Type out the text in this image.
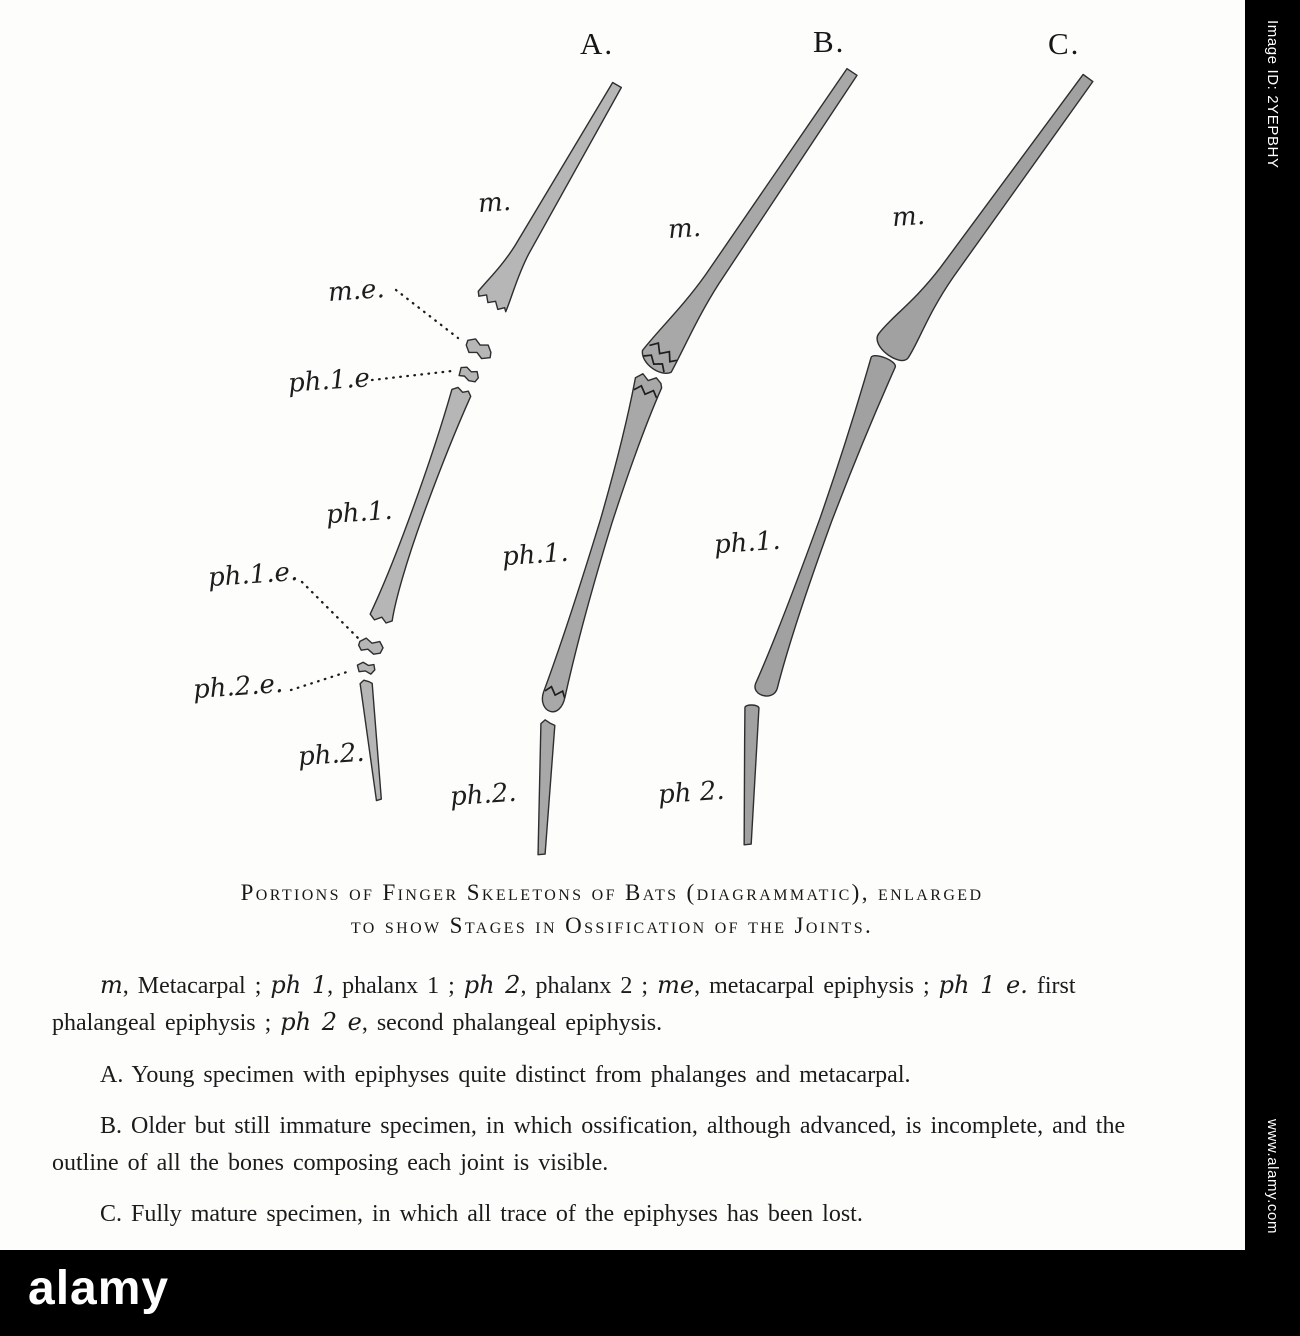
A.	B.	C.
m.
m.e.
ph.1.e
ph.1.
ph.1.e.
ph.2.e.
ph.2.
m.
ph.1.
ph.2.
m.
ph.1.
ph 2.
Portions of Finger Skeletons of Bats (diagrammatic), enlarged
to show Stages in Ossification of the Joints.

m, Metacarpal ; ph 1, phalanx 1 ; ph 2, phalanx 2 ; me, metacarpal epiphysis ; ph 1 e. first phalangeal epiphysis ; ph 2 e, second phalangeal epiphysis.

A. Young specimen with epiphyses quite distinct from phalanges and metacarpal.

B. Older but still immature specimen, in which ossification, although advanced, is incomplete, and the outline of all the bones composing each joint is visible.

C. Fully mature specimen, in which all trace of the epiphyses has been lost.

Image ID: 2YEPBHY
www.alamy.com
alamy
